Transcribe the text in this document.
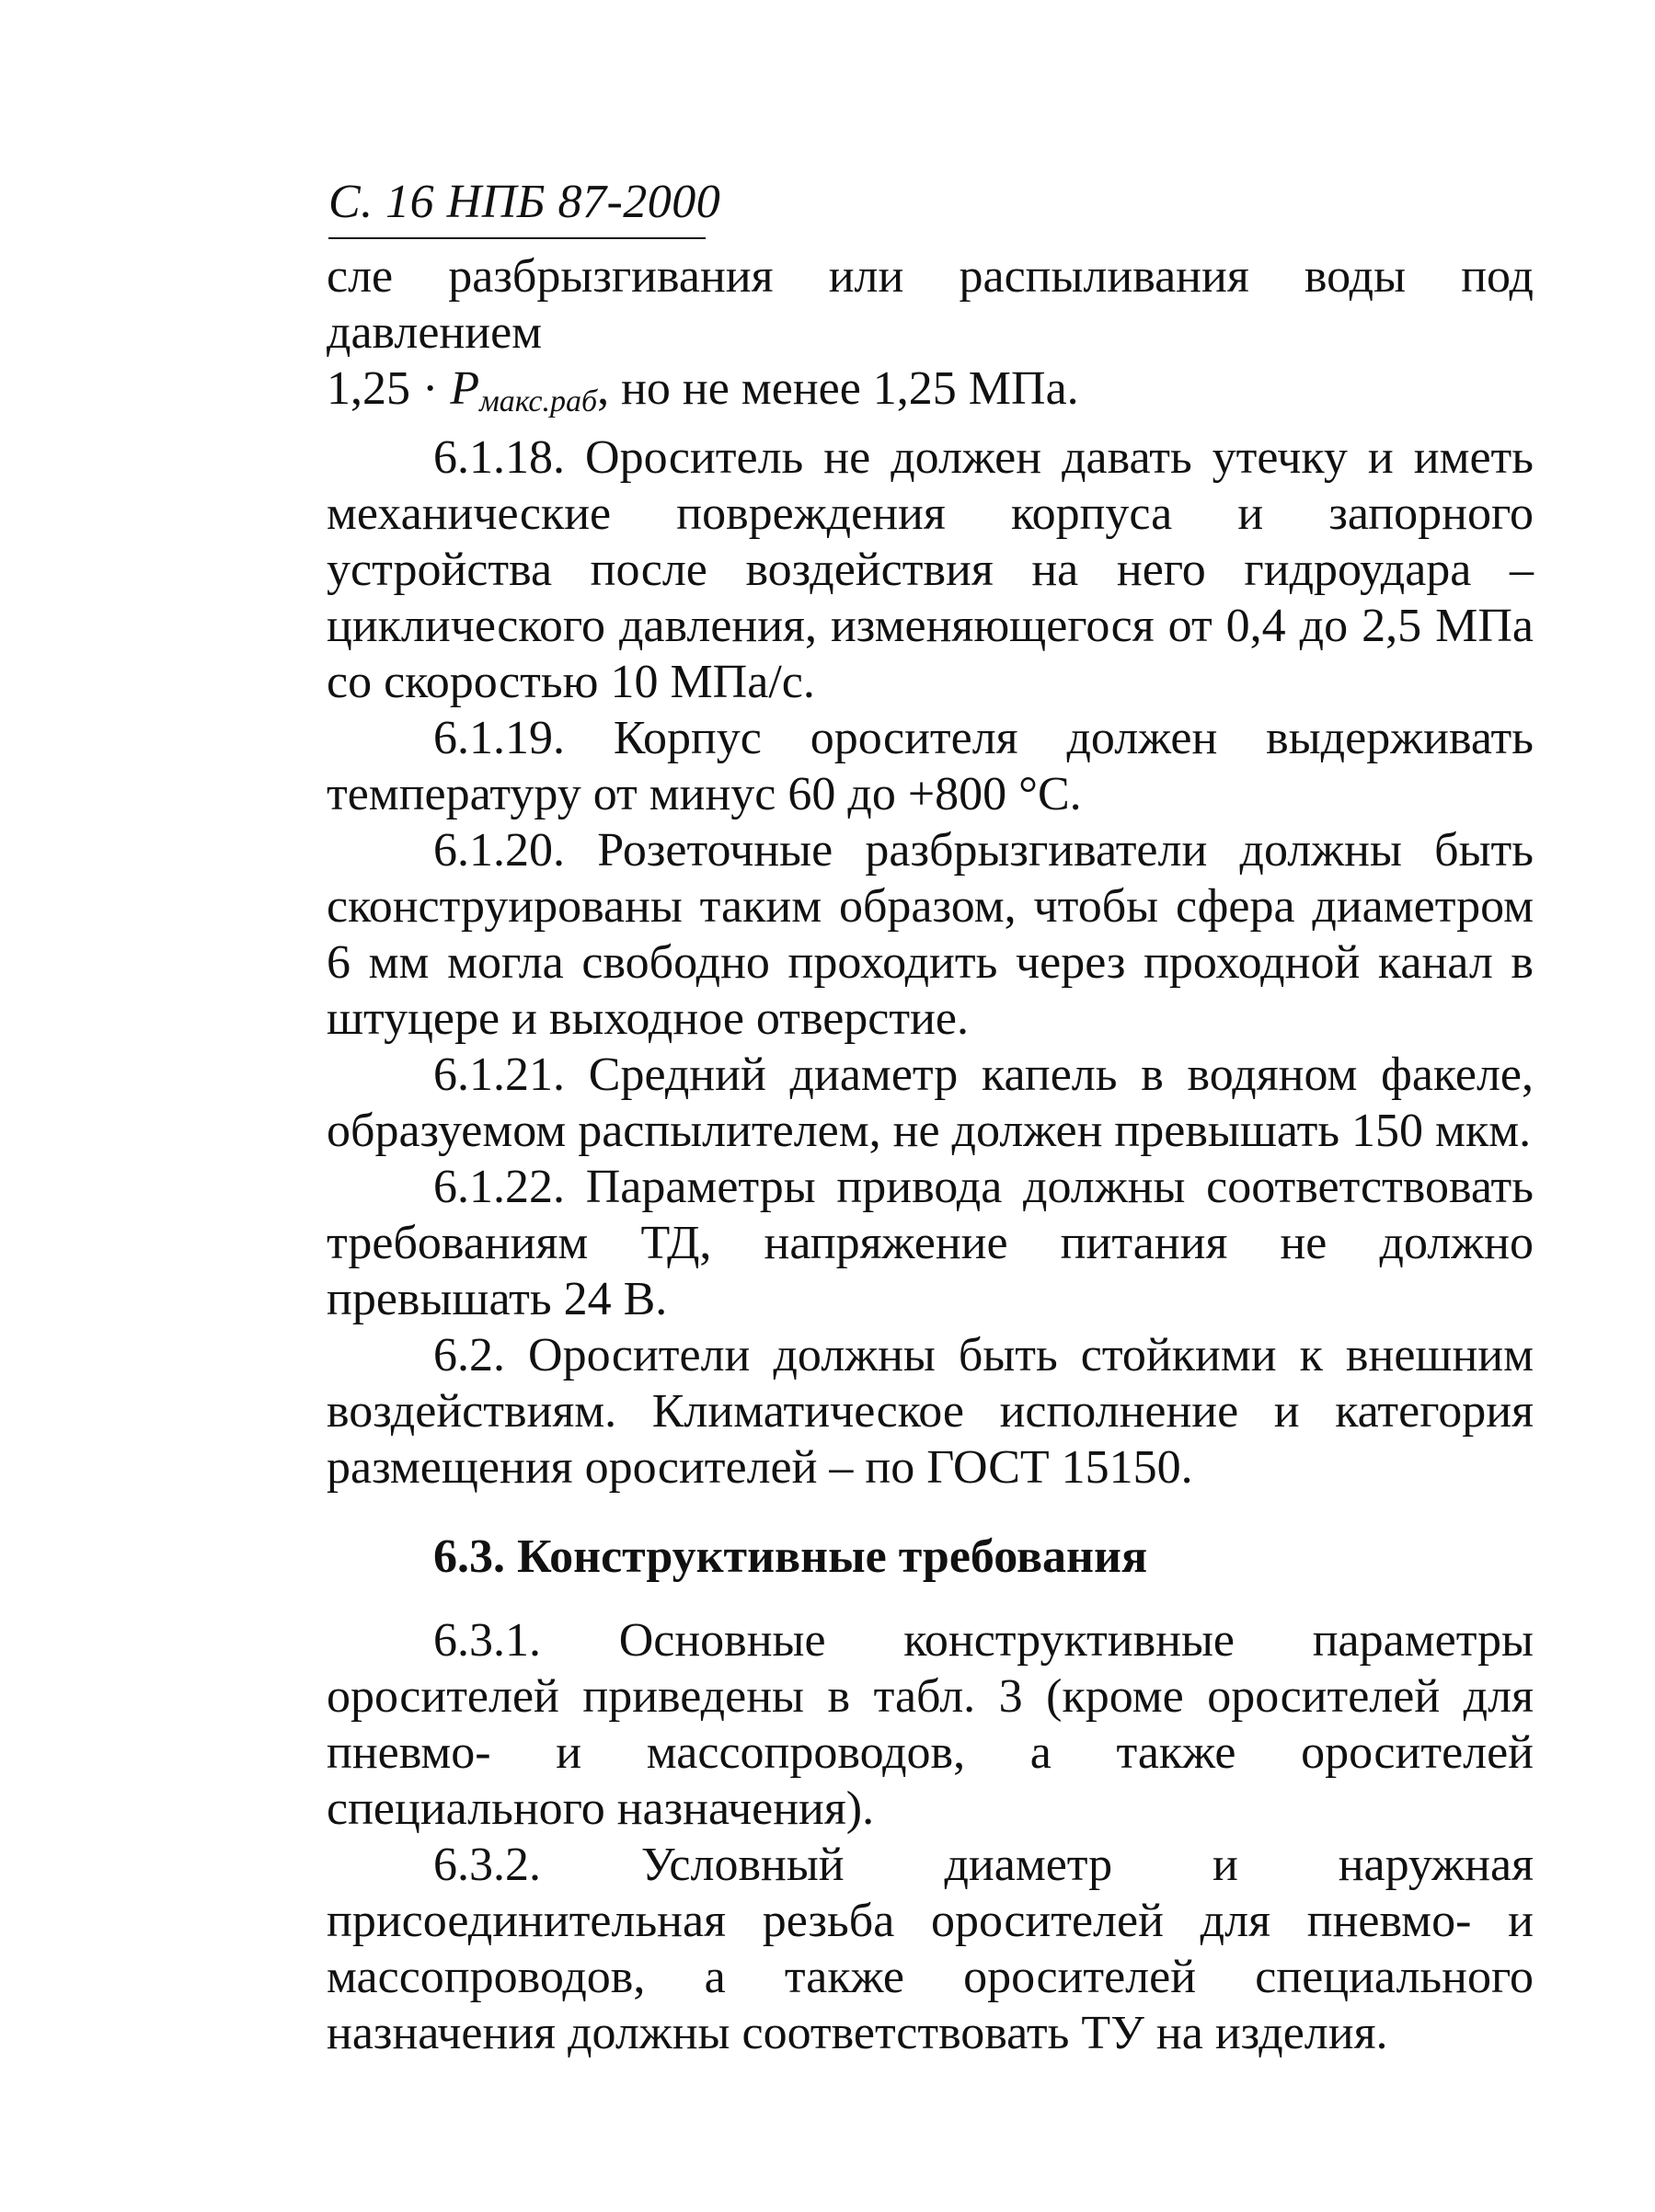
С. 16 НПБ 87-2000

сле разбрызгивания или распыливания воды под давлением
$1,25 \cdot P_{макс.раб}$, но не менее 1,25 МПа.

6.1.18. Ороситель не должен давать утечку и иметь механические повреждения корпуса и запорного устройства после воздействия на него гидроудара – циклического давления, изменяющегося от 0,4 до 2,5 МПа со скоростью 10 МПа/с.

6.1.19. Корпус оросителя должен выдерживать температуру от минус 60 до +800 °С.

6.1.20. Розеточные разбрызгиватели должны быть сконструированы таким образом, чтобы сфера диаметром 6 мм могла свободно проходить через проходной канал в штуцере и выходное отверстие.

6.1.21. Средний диаметр капель в водяном факеле, образуемом распылителем, не должен превышать 150 мкм.

6.1.22. Параметры привода должны соответствовать требованиям ТД, напряжение питания не должно превышать 24 В.

6.2. Оросители должны быть стойкими к внешним воздействиям. Климатическое исполнение и категория размещения оросителей – по ГОСТ 15150.

6.3. Конструктивные требования

6.3.1. Основные конструктивные параметры оросителей приведены в табл. 3 (кроме оросителей для пневмо- и массопроводов, а также оросителей специального назначения).

6.3.2. Условный диаметр и наружная присоединительная резьба оросителей для пневмо- и массопроводов, а также оросителей специального назначения должны соответствовать ТУ на изделия.
